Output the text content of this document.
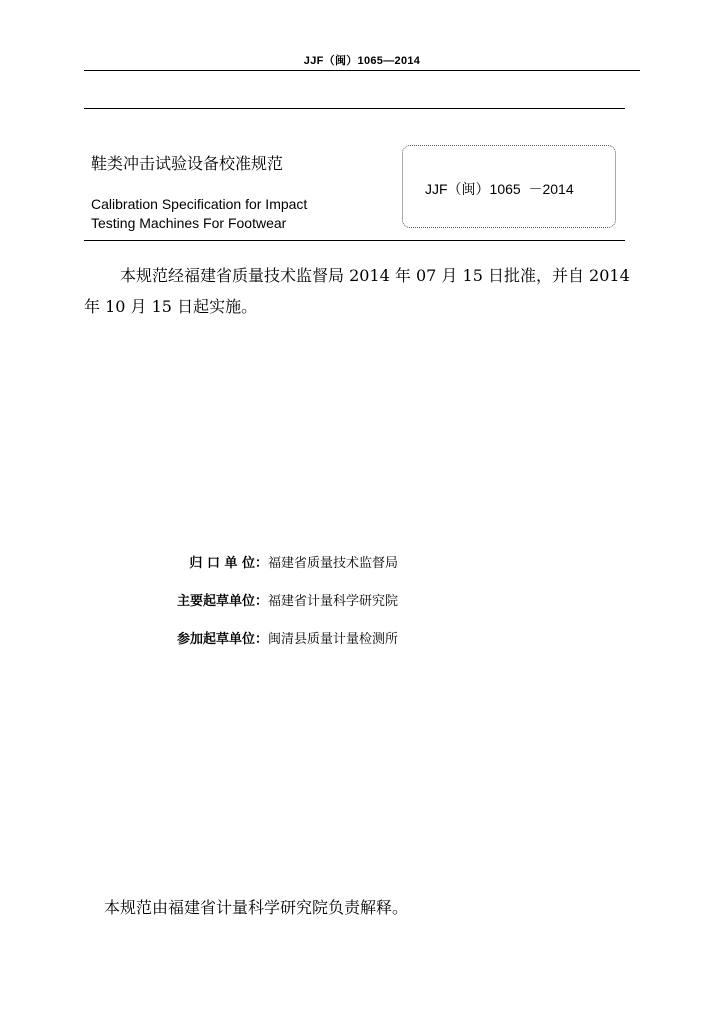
JJF（闽）1065—2014
鞋类冲击试验设备校准规范
Calibration Specification for Impact
Testing Machines For Footwear
JJF（闽）1065  －2014
本规范经福建省质量技术监督局 2014 年 07 月 15 日批准，并自 2014 年 10 月 15 日起实施。
归 口 单 位：福建省质量技术监督局
主要起草单位：福建省计量科学研究院
参加起草单位：闽清县质量计量检测所
本规范由福建省计量科学研究院负责解释。
